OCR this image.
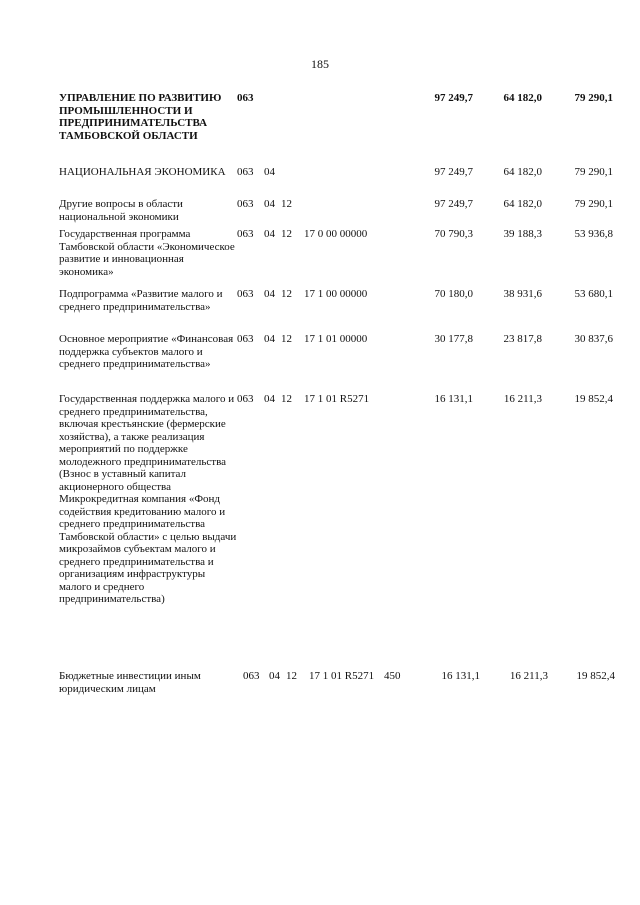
185
УПРАВЛЕНИЕ ПО РАЗВИТИЮ ПРОМЫШЛЕННОСТИ И ПРЕДПРИНИМАТЕЛЬСТВА ТАМБОВСКОЙ ОБЛАСТИ
063	97 249,7	64 182,0	79 290,1
НАЦИОНАЛЬНАЯ ЭКОНОМИКА	063 04	97 249,7	64 182,0	79 290,1
Другие вопросы в области национальной экономики
063 04 12	97 249,7	64 182,0	79 290,1
Государственная программа Тамбовской области «Экономическое развитие и инновационная экономика»
063 04 12 17 0 00 00000	70 790,3	39 188,3	53 936,8
Подпрограмма «Развитие малого и среднего предпринимательства»
063 04 12 17 1 00 00000	70 180,0	38 931,6	53 680,1
Основное мероприятие «Финансовая поддержка субъектов малого и среднего предпринимательства»
063 04 12 17 1 01 00000	30 177,8	23 817,8	30 837,6
Государственная поддержка малого и среднего предпринимательства, включая крестьянские (фермерские хозяйства), а также реализация мероприятий по поддержке молодежного предпринимательства (Взнос в уставный капитал акционерного общества Микрокредитная компания «Фонд содействия кредитованию малого и среднего предпринимательства Тамбовской области» с целью выдачи микрозаймов субъектам малого и среднего предпринимательства и организациям инфраструктуры малого и среднего предпринимательства)
063 04 12 17 1 01 R5271	16 131,1	16 211,3	19 852,4
Бюджетные инвестиции иным юридическим лицам
063 04 12 17 1 01 R5271 450	16 131,1	16 211,3	19 852,4
